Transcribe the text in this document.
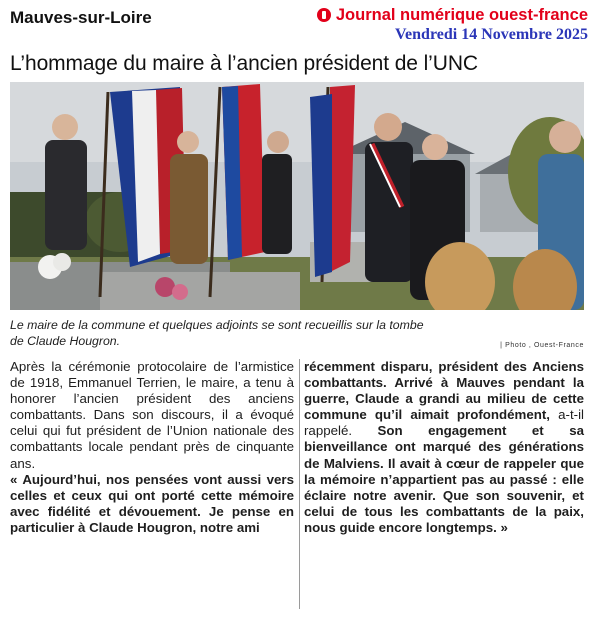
Mauves-sur-Loire	Journal numérique ouest-france
Vendredi 14 Novembre 2025
L’hommage du maire à l’ancien président de l’UNC
Le maire de la commune et quelques adjoints se sont recueillis sur la tombe
de Claude Hougron.	| Photo , Ouest-France

Après la cérémonie protocolaire de l’armistice de 1918, Emmanuel Terrien, le maire, a tenu à honorer l’ancien président des anciens combattants. Dans son discours, il a évoqué celui qui fut président de l’Union nationale des combattants locale pendant près de cinquante ans.

« Aujourd’hui, nos pensées vont aussi vers celles et ceux qui ont porté cette mémoire avec fidélité et dévouement. Je pense en particulier à Claude Hougron, notre ami

récemment disparu, président des Anciens combattants. Arrivé à Mauves pendant la guerre, Claude a grandi au milieu de cette commune qu’il aimait profondément, a-t-il rappelé. Son engagement et sa bienveillance ont marqué des générations de Malviens. Il avait à cœur de rappeler que la mémoire n’appartient pas au passé : elle éclaire notre avenir. Que son souvenir, et celui de tous les combattants de la paix, nous guide encore longtemps. »
